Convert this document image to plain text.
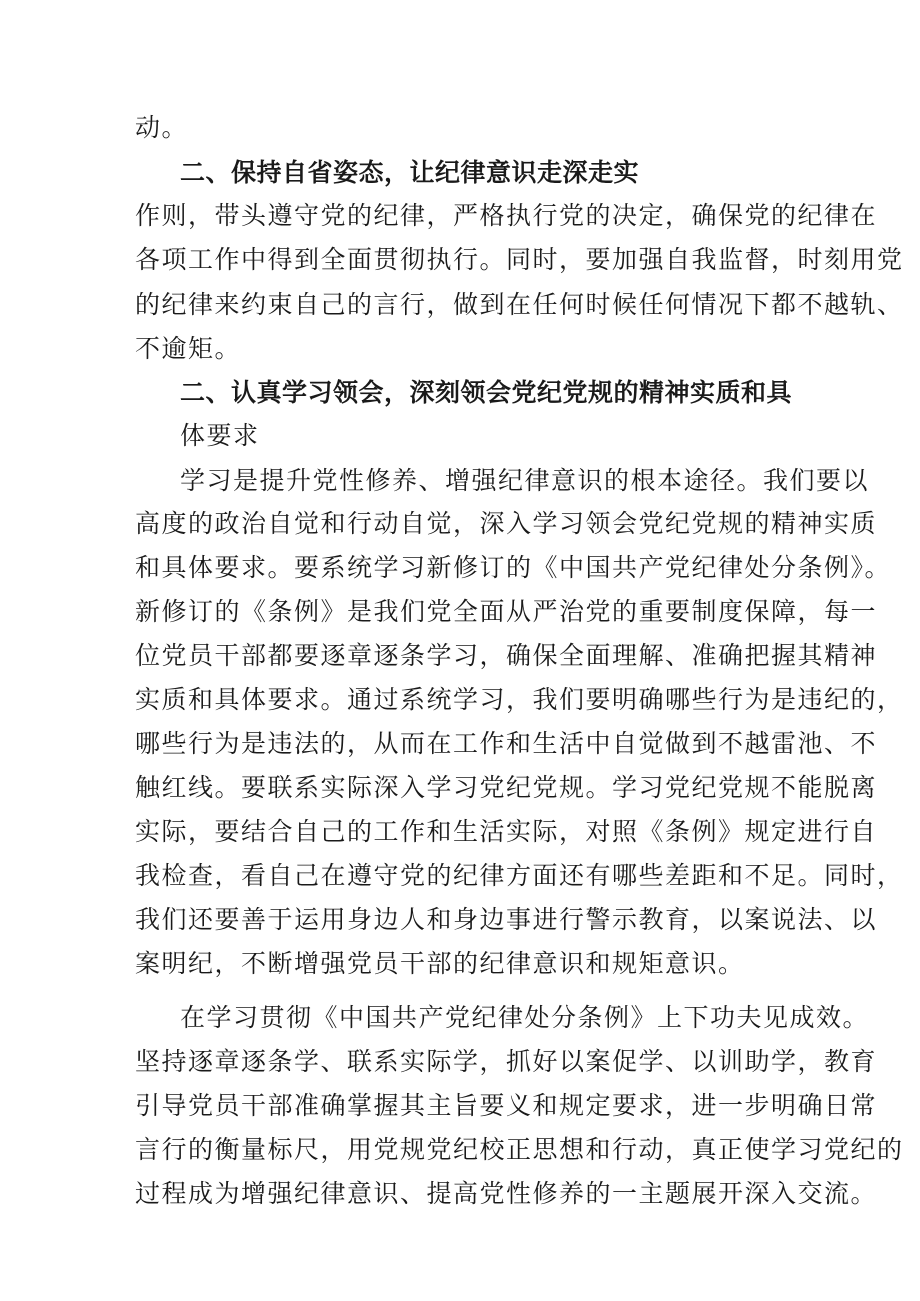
动。
二、保持自省姿态，让纪律意识走深走实
作则，带头遵守党的纪律，严格执行党的决定，确保党的纪律在
各项工作中得到全面贯彻执行。同时，要加强自我监督，时刻用党
的纪律来约束自己的言行，做到在任何时候任何情况下都不越轨、
不逾矩。
二、认真学习领会，深刻领会党纪党规的精神实质和具
体要求
学习是提升党性修养、增强纪律意识的根本途径。我们要以
高度的政治自觉和行动自觉，深入学习领会党纪党规的精神实质
和具体要求。要系统学习新修订的《中国共产党纪律处分条例》。
新修订的《条例》是我们党全面从严治党的重要制度保障，每一
位党员干部都要逐章逐条学习，确保全面理解、准确把握其精神
实质和具体要求。通过系统学习，我们要明确哪些行为是违纪的，
哪些行为是违法的，从而在工作和生活中自觉做到不越雷池、不
触红线。要联系实际深入学习党纪党规。学习党纪党规不能脱离
实际，要结合自己的工作和生活实际，对照《条例》规定进行自
我检查，看自己在遵守党的纪律方面还有哪些差距和不足。同时，
我们还要善于运用身边人和身边事进行警示教育，以案说法、以
案明纪，不断增强党员干部的纪律意识和规矩意识。
在学习贯彻《中国共产党纪律处分条例》上下功夫见成效。
坚持逐章逐条学、联系实际学，抓好以案促学、以训助学，教育
引导党员干部准确掌握其主旨要义和规定要求，进一步明确日常
言行的衡量标尺，用党规党纪校正思想和行动，真正使学习党纪的
过程成为增强纪律意识、提高党性修养的一主题展开深入交流。
